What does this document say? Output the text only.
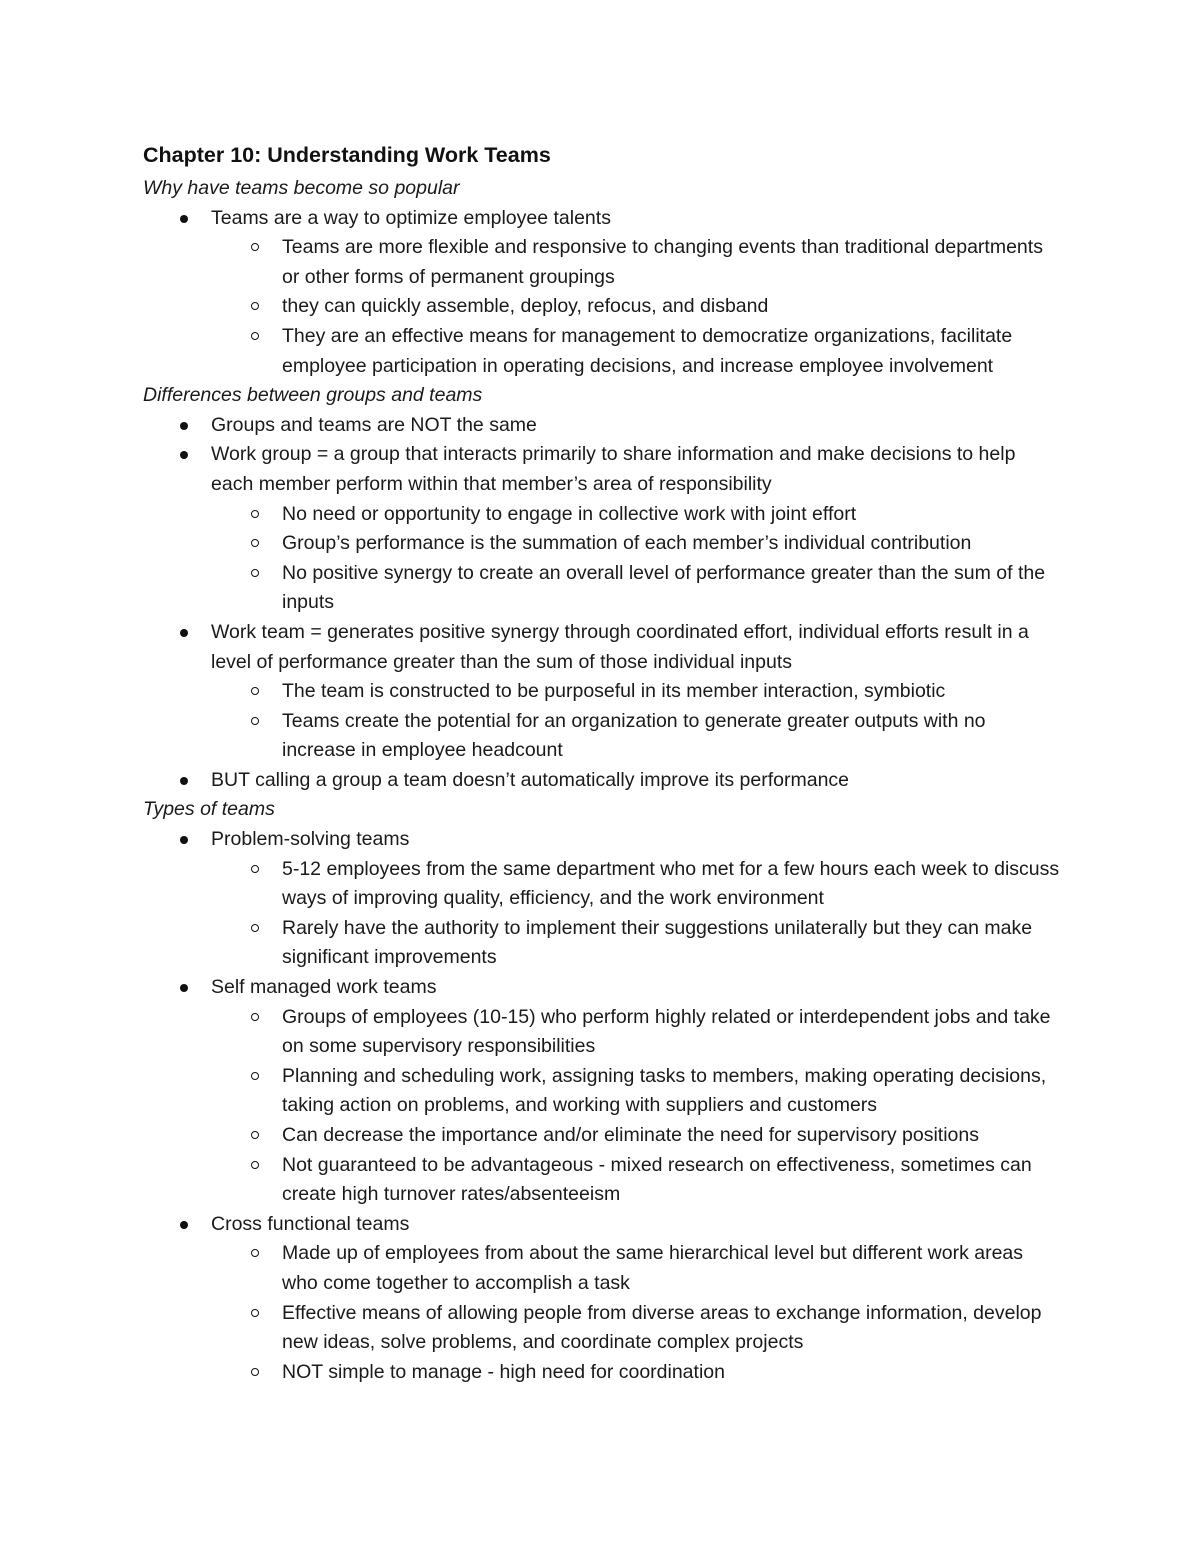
Chapter 10: Understanding Work Teams
Why have teams become so popular
Teams are a way to optimize employee talents
Teams are more flexible and responsive to changing events than traditional departments or other forms of permanent groupings
they can quickly assemble, deploy, refocus, and disband
They are an effective means for management to democratize organizations, facilitate employee participation in operating decisions, and increase employee involvement
Differences between groups and teams
Groups and teams are NOT the same
Work group = a group that interacts primarily to share information and make decisions to help each member perform within that member’s area of responsibility
No need or opportunity to engage in collective work with joint effort
Group’s performance is the summation of each member’s individual contribution
No positive synergy to create an overall level of performance greater than the sum of the inputs
Work team = generates positive synergy through coordinated effort, individual efforts result in a level of performance greater than the sum of those individual inputs
The team is constructed to be purposeful in its member interaction, symbiotic
Teams create the potential for an organization to generate greater outputs with no increase in employee headcount
BUT calling a group a team doesn’t automatically improve its performance
Types of teams
Problem-solving teams
5-12 employees from the same department who met for a few hours each week to discuss ways of improving quality, efficiency, and the work environment
Rarely have the authority to implement their suggestions unilaterally but they can make significant improvements
Self managed work teams
Groups of employees (10-15) who perform highly related or interdependent jobs and take on some supervisory responsibilities
Planning and scheduling work, assigning tasks to members, making operating decisions, taking action on problems, and working with suppliers and customers
Can decrease the importance and/or eliminate the need for supervisory positions
Not guaranteed to be advantageous - mixed research on effectiveness, sometimes can create high turnover rates/absenteeism
Cross functional teams
Made up of employees from about the same hierarchical level but different work areas who come together to accomplish a task
Effective means of allowing people from diverse areas to exchange information, develop new ideas, solve problems, and coordinate complex projects
NOT simple to manage - high need for coordination
